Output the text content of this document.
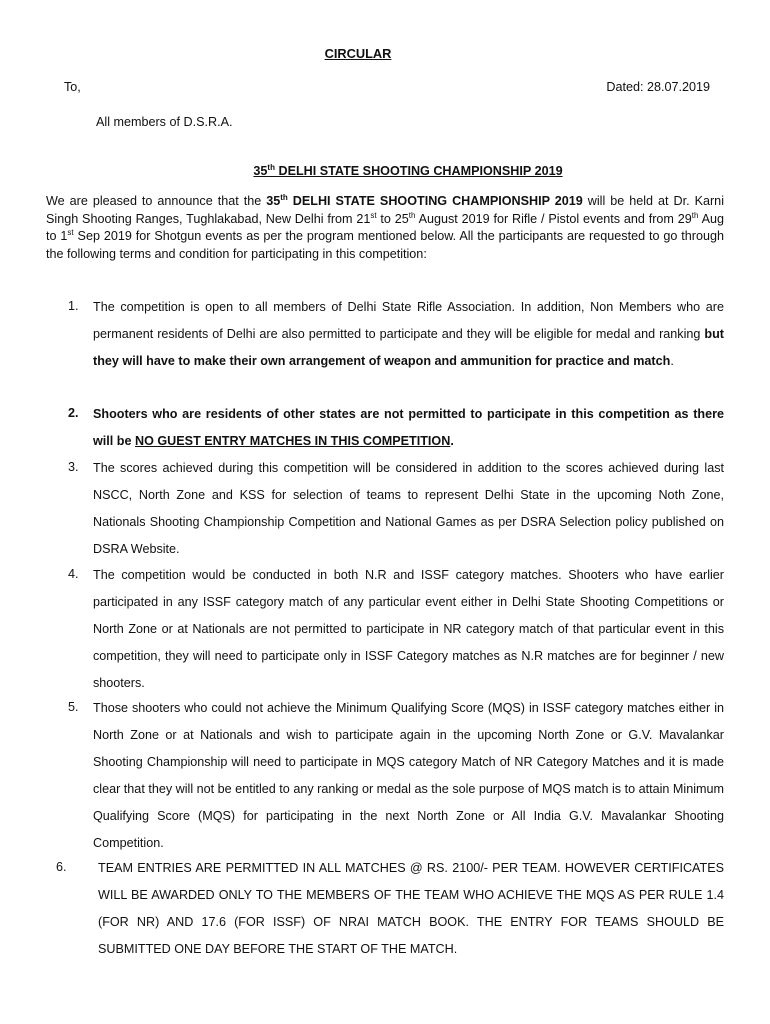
CIRCULAR
To,	Dated: 28.07.2019
All members of D.S.R.A.
35th DELHI STATE SHOOTING CHAMPIONSHIP 2019
We are pleased to announce that the 35th DELHI STATE SHOOTING CHAMPIONSHIP 2019 will be held at Dr. Karni Singh Shooting Ranges, Tughlakabad, New Delhi from 21st to 25th August 2019 for Rifle / Pistol events and from 29th Aug to 1st Sep 2019 for Shotgun events as per the program mentioned below. All the participants are requested to go through the following terms and condition for participating in this competition:
1.	The competition is open to all members of Delhi State Rifle Association. In addition, Non Members who are permanent residents of Delhi are also permitted to participate and they will be eligible for medal and ranking but they will have to make their own arrangement of weapon and ammunition for practice and match.
2.	Shooters who are residents of other states are not permitted to participate in this competition as there will be NO GUEST ENTRY MATCHES IN THIS COMPETITION.
3.	The scores achieved during this competition will be considered in addition to the scores achieved during last NSCC, North Zone and KSS for selection of teams to represent Delhi State in the upcoming Noth Zone, Nationals Shooting Championship Competition and National Games as per DSRA Selection policy published on DSRA Website.
4.	The competition would be conducted in both N.R and ISSF category matches. Shooters who have earlier participated in any ISSF category match of any particular event either in Delhi State Shooting Competitions or North Zone or at Nationals are not permitted to participate in NR category match of that particular event in this competition, they will need to participate only in ISSF Category matches as N.R matches are for beginner / new shooters.
5.	Those shooters who could not achieve the Minimum Qualifying Score (MQS) in ISSF category matches either in North Zone or at Nationals and wish to participate again in the upcoming North Zone or G.V. Mavalankar Shooting Championship will need to participate in MQS category Match of NR Category Matches and it is made clear that they will not be entitled to any ranking or medal as the sole purpose of MQS match is to attain Minimum Qualifying Score (MQS) for participating in the next North Zone or All India G.V. Mavalankar Shooting Competition.
6.	TEAM ENTRIES ARE PERMITTED IN ALL MATCHES @ RS. 2100/- PER TEAM. HOWEVER CERTIFICATES WILL BE AWARDED ONLY TO THE MEMBERS OF THE TEAM WHO ACHIEVE THE MQS AS PER RULE 1.4 (FOR NR) AND 17.6 (FOR ISSF) OF NRAI MATCH BOOK. THE ENTRY FOR TEAMS SHOULD BE SUBMITTED ONE DAY BEFORE THE START OF THE MATCH.
